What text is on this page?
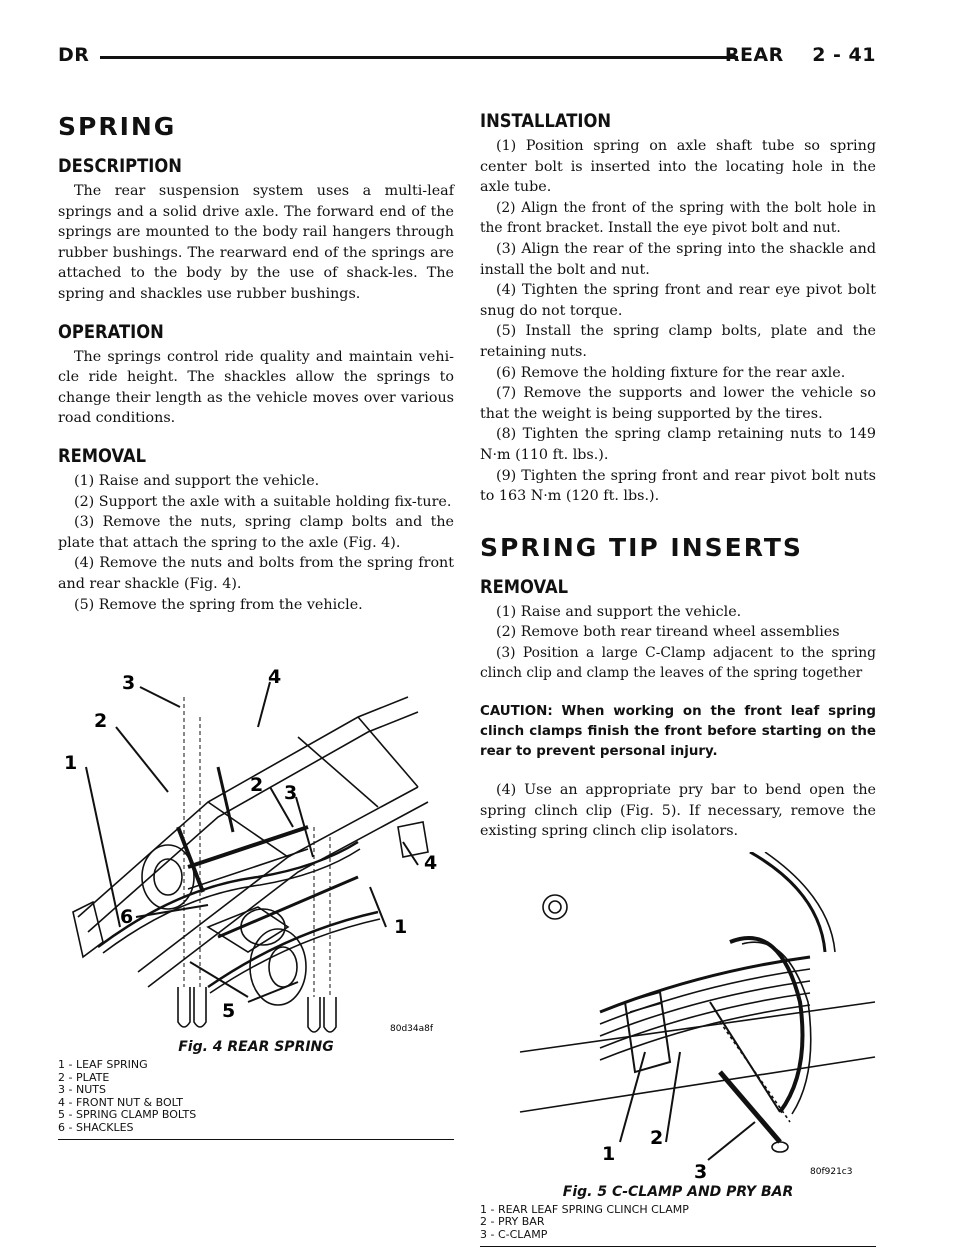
DR	REAR    2 - 41
SPRING
DESCRIPTION

The rear suspension system uses a multi-leaf springs and a solid drive axle. The forward end of the springs are mounted to the body rail hangers through rubber bushings. The rearward end of the springs are attached to the body by the use of shack-les. The spring and shackles use rubber bushings.

OPERATION

The springs control ride quality and maintain vehi-cle ride height. The shackles allow the springs to change their length as the vehicle moves over various road conditions.

REMOVAL

(1) Raise and support the vehicle.

(2) Support the axle with a suitable holding fix-ture.

(3) Remove the nuts, spring clamp bolts and the plate that attach the spring to the axle (Fig. 4).

(4) Remove the nuts and bolts from the spring front and rear shackle (Fig. 4).

(5) Remove the spring from the vehicle.

3	4
2
1
2 3
4
6	1
5
80d34a8f
Fig. 4 REAR SPRING
1 - LEAF SPRING
2 - PLATE
3 - NUTS
4 - FRONT NUT & BOLT
5 - SPRING CLAMP BOLTS
6 - SHACKLES
INSTALLATION

(1) Position spring on axle shaft tube so spring center bolt is inserted into the locating hole in the axle tube.

(2) Align the front of the spring with the bolt hole in the front bracket. Install the eye pivot bolt and nut.

(3) Align the rear of the spring into the shackle and install the bolt and nut.

(4) Tighten the spring front and rear eye pivot bolt snug do not torque.

(5) Install the spring clamp bolts, plate and the retaining nuts.

(6) Remove the holding fixture for the rear axle.

(7) Remove the supports and lower the vehicle so that the weight is being supported by the tires.

(8) Tighten the spring clamp retaining nuts to 149 N·m (110 ft. lbs.).

(9) Tighten the spring front and rear pivot bolt nuts to 163 N·m (120 ft. lbs.).

SPRING TIP INSERTS
REMOVAL

(1) Raise and support the vehicle.

(2) Remove both rear tireand wheel assemblies

(3) Position a large C-Clamp adjacent to the spring clinch clip and clamp the leaves of the spring together

CAUTION: When working on the front leaf spring clinch clamps finish the front before starting on the rear to prevent personal injury.

(4) Use an appropriate pry bar to bend open the spring clinch clip (Fig. 5). If necessary, remove the existing spring clinch clip isolators.

1
2
3	80f921c3
Fig. 5 C-CLAMP AND PRY BAR
1 - REAR LEAF SPRING CLINCH CLAMP
2 - PRY BAR
3 - C-CLAMP
